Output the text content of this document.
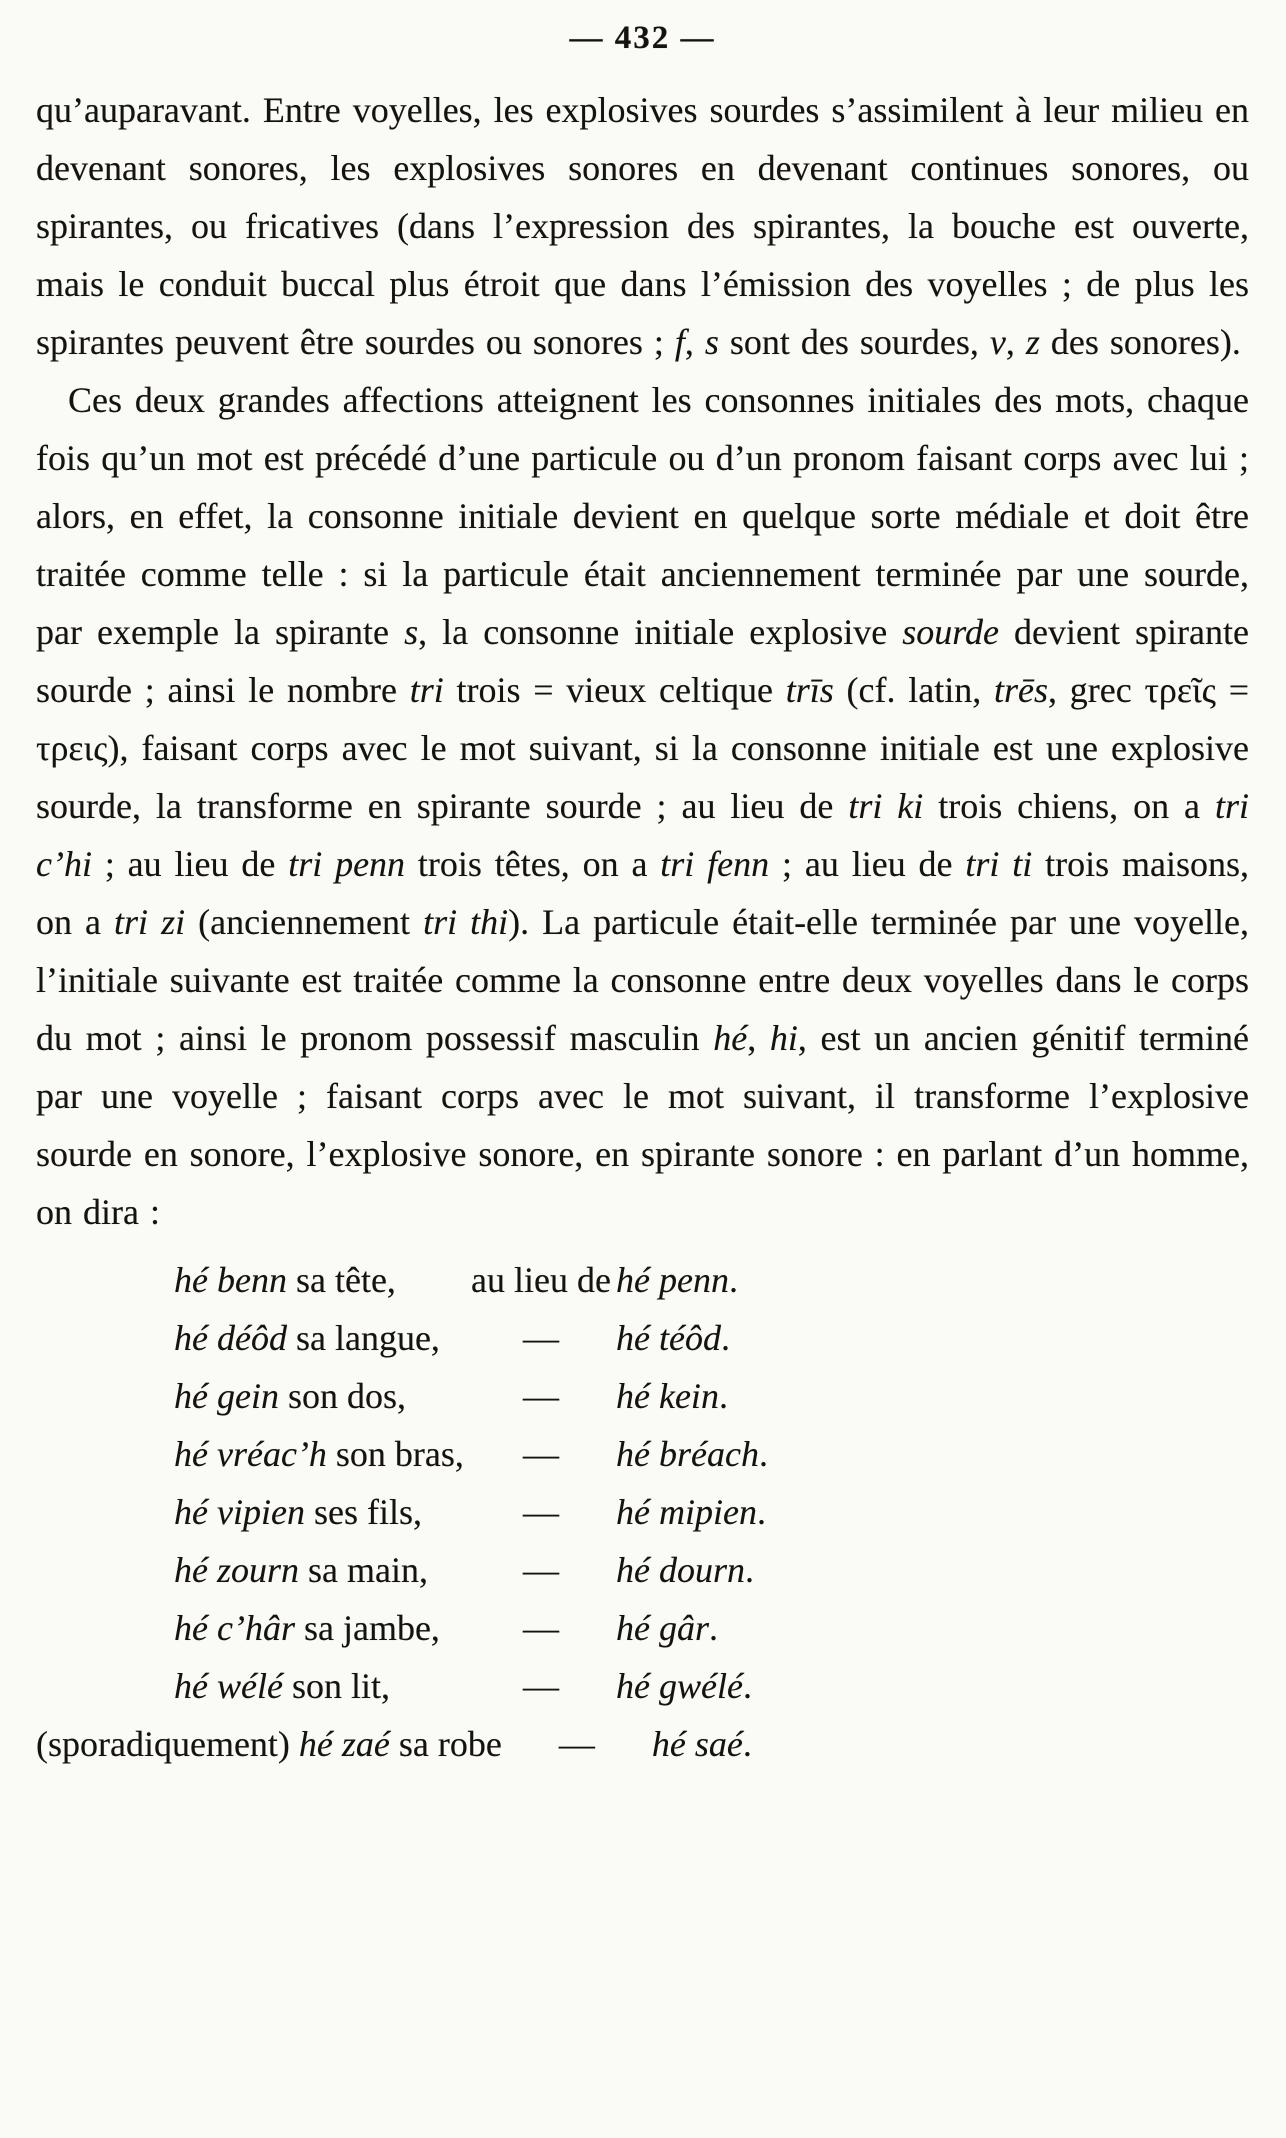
— 432 —

qu’auparavant. Entre voyelles, les explosives sourdes s’assimilent à leur milieu en devenant sonores, les explosives sonores en devenant continues sonores, ou spirantes, ou fricatives (dans l’expression des spirantes, la bouche est ouverte, mais le conduit buccal plus étroit que dans l’émission des voyelles ; de plus les spirantes peuvent être sourdes ou sonores ; f, s sont des sourdes, v, z des sonores).

Ces deux grandes affections atteignent les consonnes initiales des mots, chaque fois qu’un mot est précédé d’une particule ou d’un pronom faisant corps avec lui ; alors, en effet, la consonne initiale devient en quelque sorte médiale et doit être traitée comme telle : si la particule était anciennement terminée par une sourde, par exemple la spirante s, la consonne initiale explosive sourde devient spirante sourde ; ainsi le nombre tri trois = vieux celtique trīs (cf. latin, trēs, grec τρεῖς = τρεις), faisant corps avec le mot suivant, si la consonne initiale est une explosive sourde, la transforme en spirante sourde ; au lieu de tri ki trois chiens, on a tri c’hi ; au lieu de tri penn trois têtes, on a tri fenn ; au lieu de tri ti trois maisons, on a tri zi (anciennement tri thi). La particule était-elle terminée par une voyelle, l’initiale suivante est traitée comme la consonne entre deux voyelles dans le corps du mot ; ainsi le pronom possessif masculin hé, hi, est un ancien génitif terminé par une voyelle ; faisant corps avec le mot suivant, il transforme l’explosive sourde en sonore, l’explosive sonore, en spirante sonore : en parlant d’un homme, on dira :

hé benn sa tête,	au lieu de hé penn.
hé déôd sa langue,	—	hé téôd.
hé gein son dos,	—	hé kein.
hé vréac’h son bras,	—	hé bréach.
hé vipien ses fils,	—	hé mipien.
hé zourn sa main,	—	hé dourn.
hé c’hâr sa jambe,	—	hé gâr.
hé wélé son lit,	—	hé gwélé.
(sporadiquement) hé zaé sa robe	—	hé saé.
